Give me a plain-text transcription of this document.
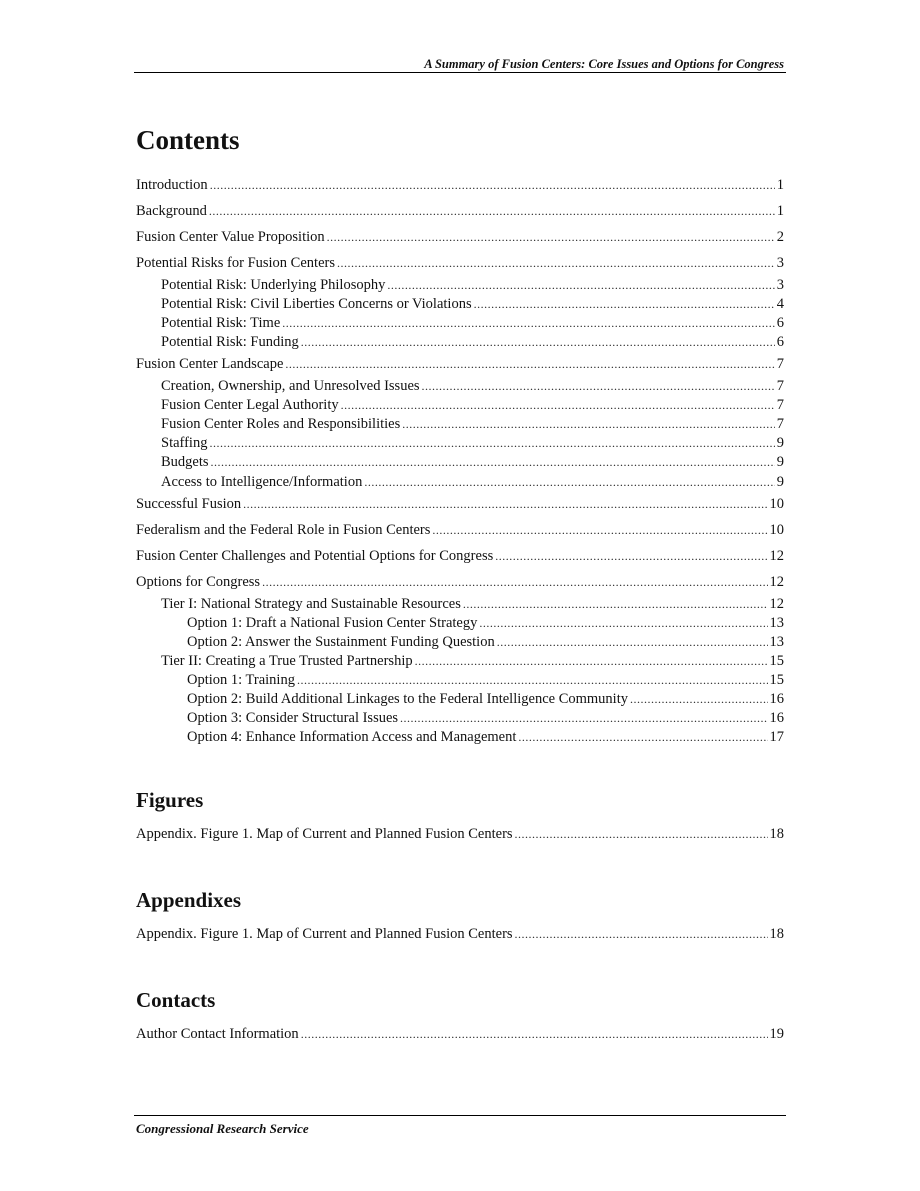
A Summary of Fusion Centers: Core Issues and Options for Congress
Contents
Introduction .....	1
Background .....	1
Fusion Center Value Proposition .....	2
Potential Risks for Fusion Centers .....	3
Potential Risk: Underlying Philosophy .....	3
Potential Risk: Civil Liberties Concerns or Violations .....	4
Potential Risk: Time .....	6
Potential Risk: Funding .....	6
Fusion Center Landscape .....	7
Creation, Ownership, and Unresolved Issues .....	7
Fusion Center Legal Authority .....	7
Fusion Center Roles and Responsibilities .....	7
Staffing .....	9
Budgets .....	9
Access to Intelligence/Information .....	9
Successful Fusion .....	10
Federalism and the Federal Role in Fusion Centers .....	10
Fusion Center Challenges and Potential Options for Congress .....	12
Options for Congress .....	12
Tier I: National Strategy and Sustainable Resources .....	12
Option 1: Draft a National Fusion Center Strategy .....	13
Option 2: Answer the Sustainment Funding Question .....	13
Tier II: Creating a True Trusted Partnership .....	15
Option 1: Training .....	15
Option 2: Build Additional Linkages to the Federal Intelligence Community .....	16
Option 3: Consider Structural Issues .....	16
Option 4: Enhance Information Access and Management .....	17
Figures
Appendix. Figure 1. Map of Current and Planned Fusion Centers .....	18
Appendixes
Appendix. Figure 1. Map of Current and Planned Fusion Centers .....	18
Contacts
Author Contact Information .....	19
Congressional Research Service
